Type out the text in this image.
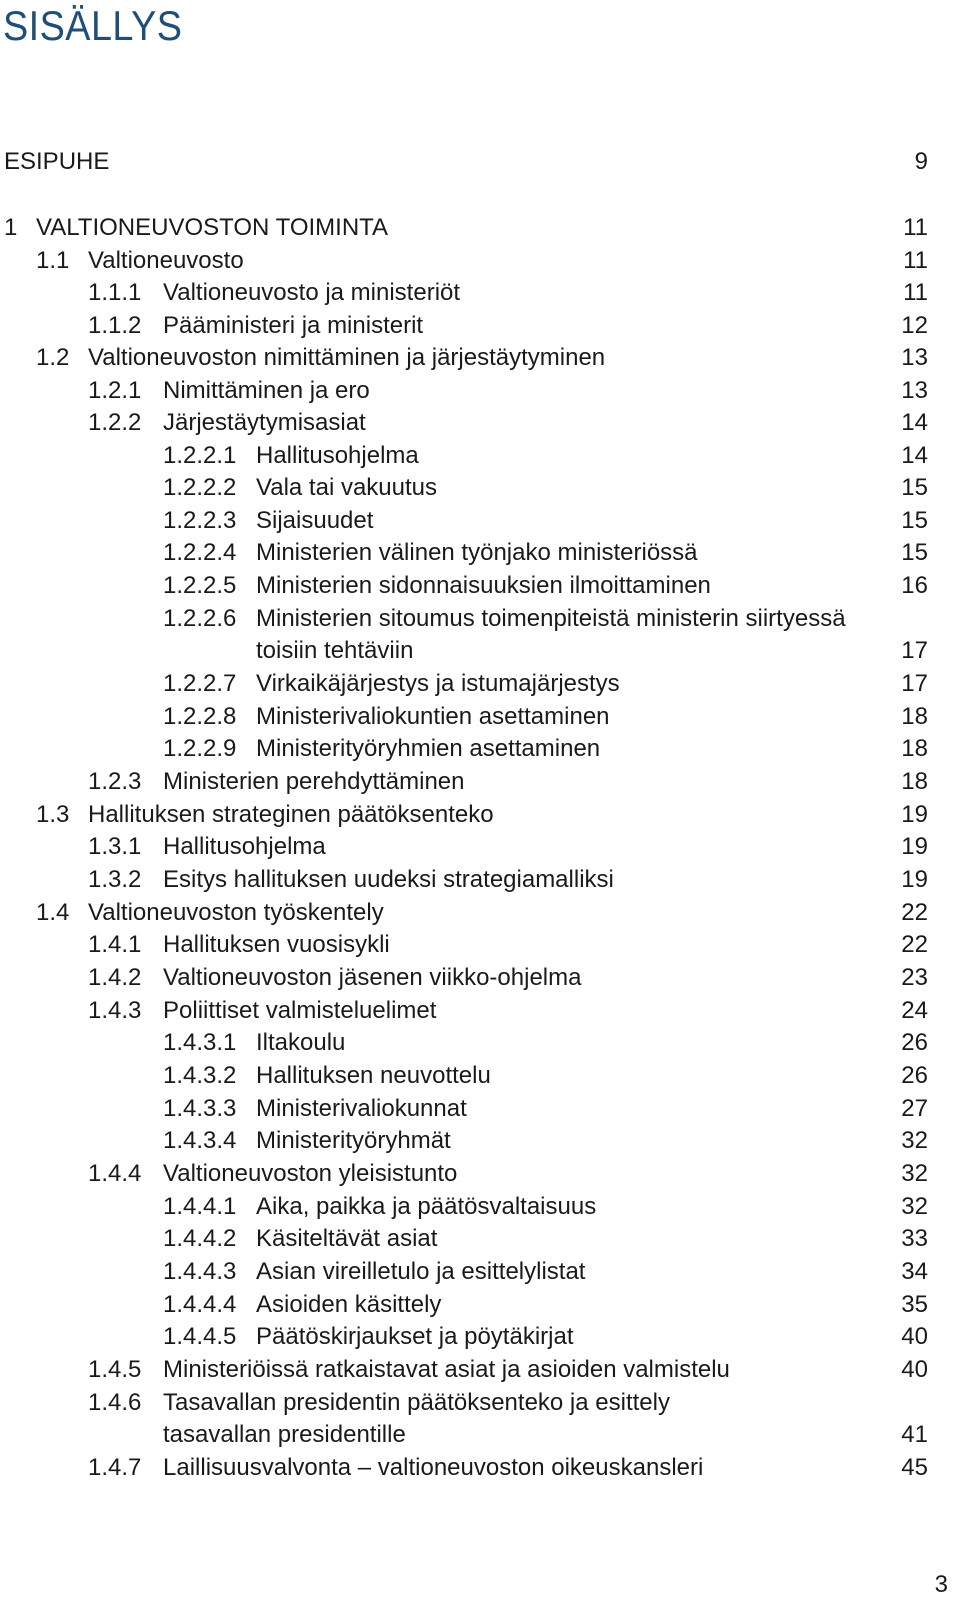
SISÄLLYS
ESIPUHE	9
1 VALTIONEUVOSTON TOIMINTA	11
1.1 Valtioneuvosto	11
1.1.1 Valtioneuvosto ja ministeriöt	11
1.1.2 Pääministeri ja ministerit	12
1.2 Valtioneuvoston nimittäminen ja järjestäytyminen	13
1.2.1 Nimittäminen ja ero	13
1.2.2 Järjestäytymisasiat	14
1.2.2.1 Hallitusohjelma	14
1.2.2.2 Vala tai vakuutus	15
1.2.2.3 Sijaisuudet	15
1.2.2.4 Ministerien välinen työnjako ministeriössä	15
1.2.2.5 Ministerien sidonnaisuuksien ilmoittaminen	16
1.2.2.6 Ministerien sitoumus toimenpiteistä ministerin siirtyessä
toisiin tehtäviin	17
1.2.2.7 Virkaikäjärjestys ja istumajärjestys	17
1.2.2.8 Ministerivaliokuntien asettaminen	18
1.2.2.9 Ministerityöryhmien asettaminen	18
1.2.3 Ministerien perehdyttäminen	18
1.3 Hallituksen strateginen päätöksenteko	19
1.3.1 Hallitusohjelma	19
1.3.2 Esitys hallituksen uudeksi strategiamalliksi	19
1.4 Valtioneuvoston työskentely	22
1.4.1 Hallituksen vuosisykli	22
1.4.2 Valtioneuvoston jäsenen viikko-ohjelma	23
1.4.3 Poliittiset valmisteluelimet	24
1.4.3.1 Iltakoulu	26
1.4.3.2 Hallituksen neuvottelu	26
1.4.3.3 Ministerivaliokunnat	27
1.4.3.4 Ministerityöryhmät	32
1.4.4 Valtioneuvoston yleisistunto	32
1.4.4.1 Aika, paikka ja päätösvaltaisuus	32
1.4.4.2 Käsiteltävät asiat	33
1.4.4.3 Asian vireilletulo ja esittelylistat	34
1.4.4.4 Asioiden käsittely	35
1.4.4.5 Päätöskirjaukset ja pöytäkirjat	40
1.4.5 Ministeriöissä ratkaistavat asiat ja asioiden valmistelu	40
1.4.6 Tasavallan presidentin päätöksenteko ja esittely
tasavallan presidentille	41
1.4.7 Laillisuusvalvonta – valtioneuvoston oikeuskansleri	45
3
